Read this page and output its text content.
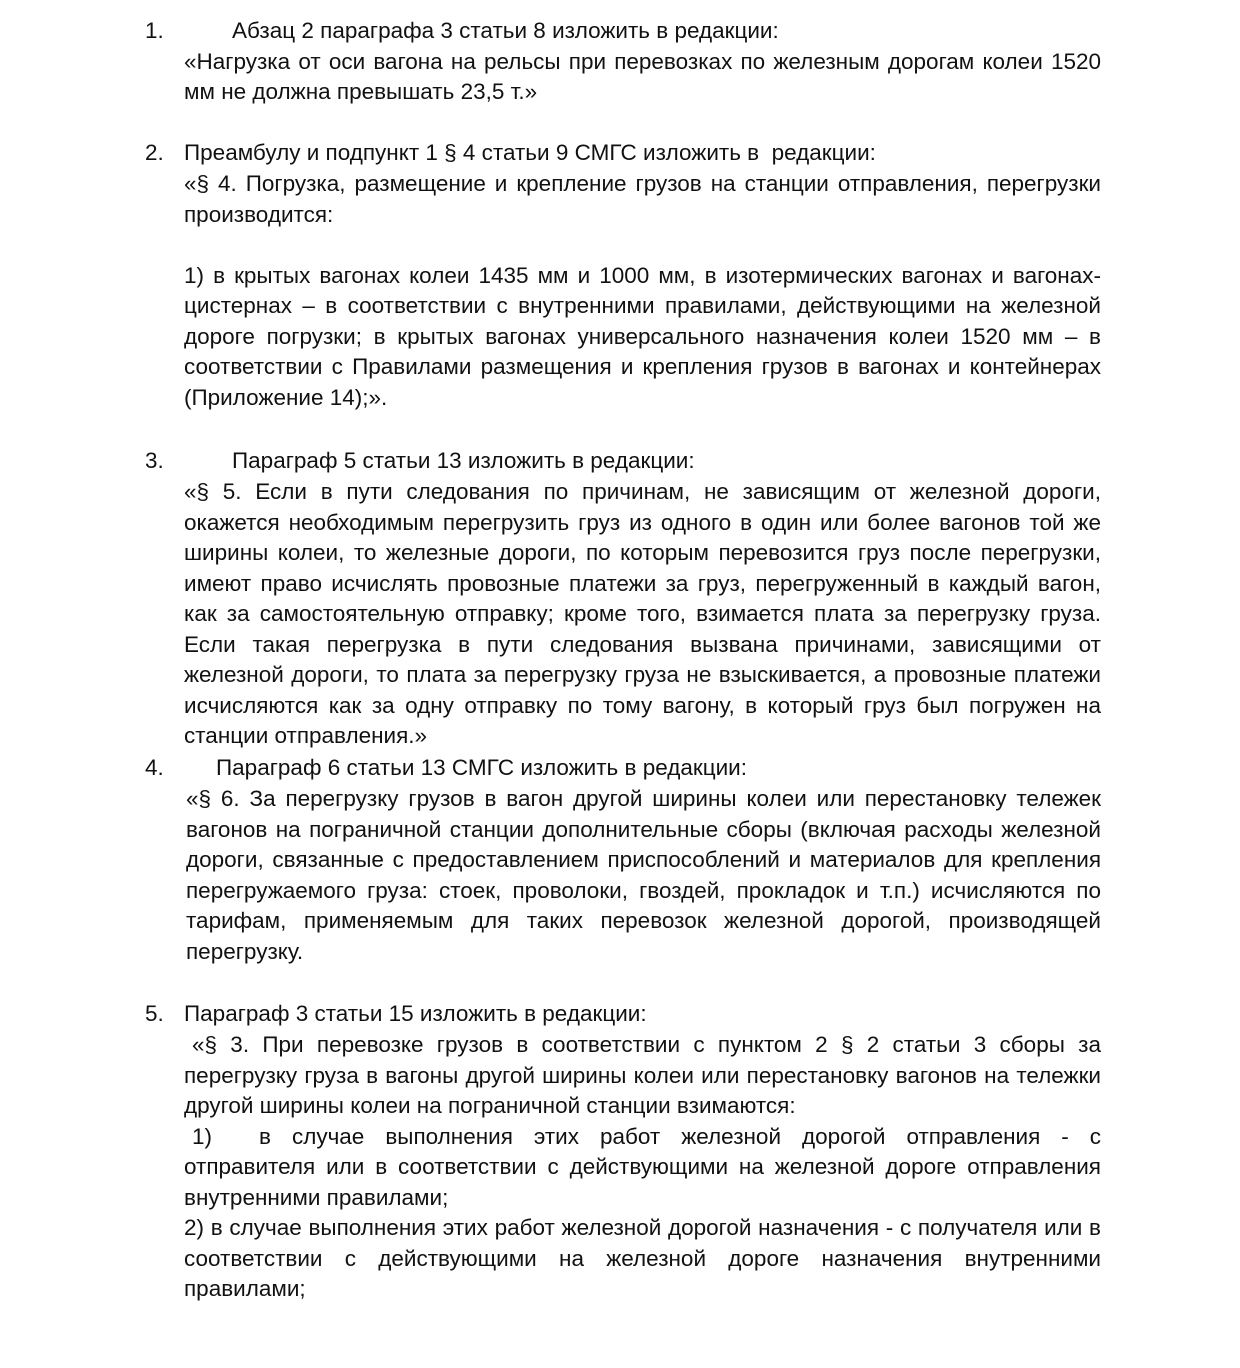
1.	Абзац 2 параграфа 3 статьи 8 изложить в редакции:

«Нагрузка от оси вагона на рельсы при перевозках по железным дорогам колеи 1520 мм не должна превышать 23,5 т.»

2. Преамбулу и подпункт 1 § 4 статьи 9 СМГС изложить в  редакции:

«§ 4. Погрузка, размещение и крепление грузов на станции отправления, перегрузки производится:

1) в крытых вагонах колеи 1435 мм и 1000 мм, в изотермических вагонах и вагонах-цистернах – в соответствии с внутренними правилами, действующими на железной дороге погрузки; в крытых вагонах универсального назначения колеи 1520 мм – в соответствии с Правилами размещения и крепления грузов в вагонах и контейнерах (Приложение 14);».

3.	Параграф 5 статьи 13 изложить в редакции:

«§ 5. Если в пути следования по причинам, не зависящим от железной дороги, окажется необходимым перегрузить груз из одного в один или более вагонов той же ширины колеи, то железные дороги, по которым перевозится груз после перегрузки, имеют право исчислять провозные платежи за груз, перегруженный в каждый вагон, как за самостоятельную отправку; кроме того, взимается плата за перегрузку груза. Если такая перегрузка в пути следования вызвана причинами, зависящими от железной дороги, то плата за перегрузку груза не взыскивается, а провозные платежи исчисляются как за одну отправку по тому вагону, в который груз был погружен на станции отправления.»

4. Параграф 6 статьи 13 СМГС изложить в редакции:

«§ 6. За перегрузку грузов в вагон другой ширины колеи или перестановку тележек вагонов на пограничной станции дополнительные сборы (включая расходы железной дороги, связанные с предоставлением приспособлений и материалов для крепления перегружаемого груза: стоек, проволоки, гвоздей, прокладок и т.п.) исчисляются по тарифам, применяемым для таких перевозок железной дорогой, производящей перегрузку.

5. Параграф 3 статьи 15 изложить в редакции:

«§ 3. При перевозке грузов в соответствии с пунктом 2 § 2 статьи 3 сборы за перегрузку груза в вагоны другой ширины колеи или перестановку вагонов на тележки другой ширины колеи на пограничной станции взимаются:

1) в случае выполнения этих работ железной дорогой отправления - с отправителя или в соответствии с действующими на железной дороге отправления внутренними правилами;

2) в случае выполнения этих работ железной дорогой назначения - с получателя или в соответствии с действующими на железной дороге назначения внутренними правилами;
